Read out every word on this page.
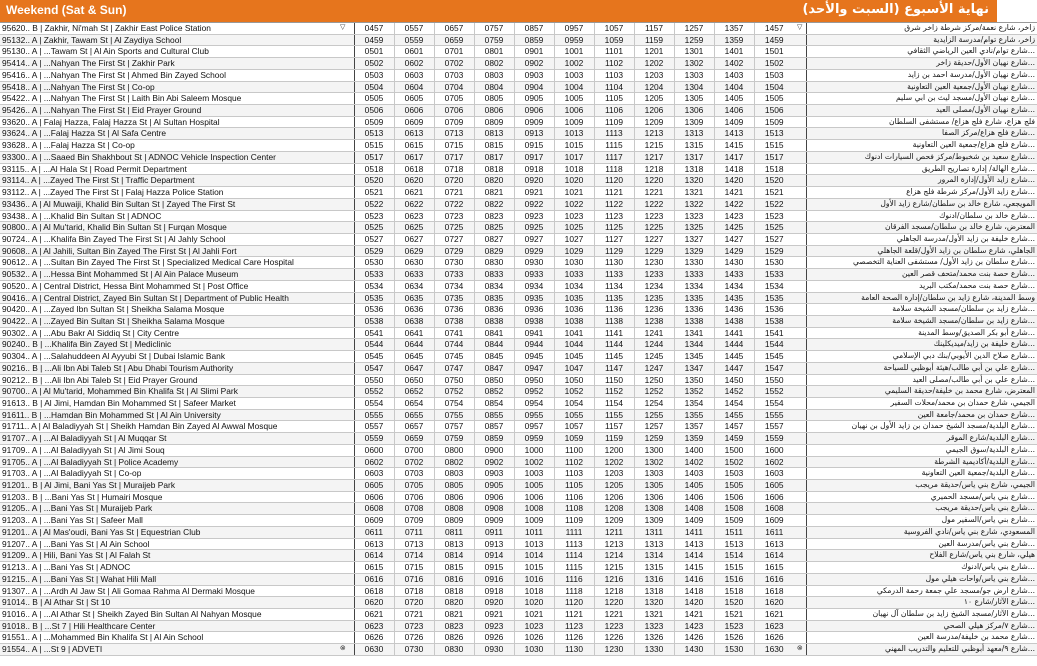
Weekend (Sat & Sun)	نهاية الأسبوع (السبت والأحد)
95620.. B | Zakhir, Ni'mah St | Zakhir East Police Station	▽	0457	0557	0657	0757	0857	0957	1057	1157	1257	1357	1457	▽	زاخر، شارع نعمة/مركز شرطة زاخر شرق
95132.. A | Zakhir, Tawam St | Al Zaydiya School		0459	0559	0659	0759	0859	0959	1059	1159	1259	1359	1459		زاخر، شارع توام/مدرسة الزايدية
95130.. A | ...Tawam St | Al Ain Sports and Cultural Club		0501	0601	0701	0801	0901	1001	1101	1201	1301	1401	1501		...شارع توام/نادي العين الرياضي الثقافي
95414.. A | ...Nahyan The First St | Zakhir Park		0502	0602	0702	0802	0902	1002	1102	1202	1302	1402	1502		...شارع نهيان الأول/حديقة زاخر
95416.. A | ...Nahyan The First St | Ahmed Bin Zayed School		0503	0603	0703	0803	0903	1003	1103	1203	1303	1403	1503		...شارع نهيان الأول/مدرسة احمد بن زايد
95418.. A | ...Nahyan The First St | Co-op		0504	0604	0704	0804	0904	1004	1104	1204	1304	1404	1504		...شارع نهيان الأول/جمعية العين التعاونية
95422.. A | ...Nahyan The First St | Laith Bin Abi Saleem Mosque		0505	0605	0705	0805	0905	1005	1105	1205	1305	1405	1505		...شارع نهيان الأول/مسجد ليث بن ابي سليم
95426.. A | ...Nahyan The First St | Eid Prayer Ground		0506	0606	0706	0806	0906	1006	1106	1206	1306	1406	1506		...شارع نهيان الأول/مصلى العيد
93620.. A | Falaj Hazza, Falaj Hazza St | Al Sultan Hospital		0509	0609	0709	0809	0909	1009	1109	1209	1309	1409	1509		فلج هزاع، شارع فلج هزاع/ مستشفى السلطان
93624.. A | ...Falaj Hazza St | Al Safa Centre		0513	0613	0713	0813	0913	1013	1113	1213	1313	1413	1513		...شارع فلج هزاع/مركز الصفا
93628.. A | ...Falaj Hazza St | Co-op		0515	0615	0715	0815	0915	1015	1115	1215	1315	1415	1515		...شارع فلج هزاع/جمعية العين التعاونية
93300.. A | ...Saaed Bin Shakhbout St | ADNOC Vehicle Inspection Center		0517	0617	0717	0817	0917	1017	1117	1217	1317	1417	1517		...شارع سعيد بن شخبوط/مركز فحص السيارات ادنوك
93115.. A | ...Al Hala St | Road Permit Department		0518	0618	0718	0818	0918	1018	1118	1218	1318	1418	1518		...شارع الهالة/ إدارة تصاريح الطريق
93114.. A | ...Zayed The First St | Traffic Department		0520	0620	0720	0820	0920	1020	1120	1220	1320	1420	1520		...شارع زايد الأول/إدارة المرور
93112.. A | ...Zayed The First St | Falaj Hazza Police Station		0521	0621	0721	0821	0921	1021	1121	1221	1321	1421	1521		...شارع زايد الأول/مركز شرطة فلج هزاع
93436.. A | Al Muwaiji, Khalid Bin Sultan St | Zayed The First St		0522	0622	0722	0822	0922	1022	1122	1222	1322	1422	1522		المويجعي، شارع خالد بن سلطان/شارع زايد الأول
93438.. A | ...Khalid Bin Sultan St | ADNOC		0523	0623	0723	0823	0923	1023	1123	1223	1323	1423	1523		...شارع خالد بن سلطان/ادنوك
90800.. A | Al Mu'tarid, Khalid Bin Sultan St | Furqan Mosque		0525	0625	0725	0825	0925	1025	1125	1225	1325	1425	1525		المعترض، شارع خالد بن سلطان/مسجد الفرقان
90724.. A | ...Khalifa Bin Zayed The First St | Al Jahly School		0527	0627	0727	0827	0927	1027	1127	1227	1327	1427	1527		...شارع خليفة بن زايد الأول/مدرسة الجاهلي
90608.. A | Al Jahili, Sultan Bin Zayed The First St | Al Jahli Fort		0529	0629	0729	0829	0929	1029	1129	1229	1329	1429	1529		الجاهلي، شارع سلطان بن زايد الأول/قلعة الجاهلي
90612.. A | ...Sultan Bin Zayed The First St | Specialized Medical Care Hospital		0530	0630	0730	0830	0930	1030	1130	1230	1330	1430	1530		...شارع سلطان بن زايد الأول/ مستشفى العناية التخصصي
90532.. A | ...Hessa Bint Mohammed St | Al Ain Palace Museum		0533	0633	0733	0833	0933	1033	1133	1233	1333	1433	1533		...شارع حصة بنت محمد/متحف قصر العين
90520.. A | Central District, Hessa Bint Mohammed St | Post Office		0534	0634	0734	0834	0934	1034	1134	1234	1334	1434	1534		...شارع حصة بنت محمد/مكتب البريد
90416.. A | Central District, Zayed Bin Sultan St | Department of Public Health		0535	0635	0735	0835	0935	1035	1135	1235	1335	1435	1535		وسط المدينة، شارع زايد بن سلطان/إدارة الصحة العامة
90420.. A | ...Zayed Ibn Sultan St | Sheikha Salama Mosque		0536	0636	0736	0836	0936	1036	1136	1236	1336	1436	1536		...شارع زايد بن سلطان/مسجد الشيخة سلامة
90422.. A | ...Zayed Bin Sultan St | Sheikha Salama Mosque		0538	0638	0738	0838	0938	1038	1138	1238	1338	1438	1538		...شارع زايد بن سلطان/مسجد الشيخة سلامة
90302.. A | ...Abu Bakr Al Siddiq St | City Centre		0541	0641	0741	0841	0941	1041	1141	1241	1341	1441	1541		...شارع أبو بكر الصديق/وسط المدينة
90240.. B | ...Khalifa Bin Zayed St | Mediclinic		0544	0644	0744	0844	0944	1044	1144	1244	1344	1444	1544		...شارع خليفة بن زايد/ميديكلينك
90304.. A | ...Salahuddeen Al Ayyubi St | Dubai Islamic Bank		0545	0645	0745	0845	0945	1045	1145	1245	1345	1445	1545		...شارع صلاح الدين الأيوبي/بنك دبي الإسلامي
90216.. B | ...Ali Ibn Abi Taleb St | Abu Dhabi Tourism Authority		0547	0647	0747	0847	0947	1047	1147	1247	1347	1447	1547		...شارع علي بن أبي طالب/هيئة أبوظبي للسياحة
90212.. B | ...Ali Ibn Abi Taleb St | Eid Prayer Ground		0550	0650	0750	0850	0950	1050	1150	1250	1350	1450	1550		...شارع علي بن أبي طالب/مصلى العيد
90700.. A | Al Mu'tarid, Mohammed Bin Khalifa St | Al Slimi Park		0552	0652	0752	0852	0952	1052	1152	1252	1352	1452	1552		المعترض، شارع محمد بن خليفة/حديقة السليمي
91613.. B | Al Jimi, Hamdan Bin Mohammed St | Safeer Market		0554	0654	0754	0854	0954	1054	1154	1254	1354	1454	1554		الجيمي، شارع حمدان بن محمد/محلات السفير
91611.. B | ...Hamdan Bin Mohammed St | Al Ain University		0555	0655	0755	0855	0955	1055	1155	1255	1355	1455	1555		...شارع حمدان بن محمد/جامعة العين
91711.. A | Al Baladiyyah St | Sheikh Hamdan Bin Zayed Al Awwal Mosque		0557	0657	0757	0857	0957	1057	1157	1257	1357	1457	1557		...شارع البلدية/مسجد الشيخ حمدان بن زايد الأول بن نهيان
91707.. A | ...Al Baladiyyah St | Al Muqqar St		0559	0659	0759	0859	0959	1059	1159	1259	1359	1459	1559		...شارع البلدية/شارع الموقر
91709.. A | ...Al Baladiyyah St | Al Jimi Souq		0600	0700	0800	0900	1000	1100	1200	1300	1400	1500	1600		...شارع البلدية/سوق الجيمي
91705.. A | ...Al Baladiyyah St | Police Academy		0602	0702	0802	0902	1002	1102	1202	1302	1402	1502	1602		...شارع البلدية/أكاديمية الشرطة
91703.. A | ...Al Baladiyyah St | Co-op		0603	0703	0803	0903	1003	1103	1203	1303	1403	1503	1603		...شارع البلدية/جمعية العين التعاونية
91201.. B | Al Jimi, Bani Yas St | Muraijeb Park		0605	0705	0805	0905	1005	1105	1205	1305	1405	1505	1605		الجيمي، شارع بني ياس/حديقة مريجب
91203.. B | ...Bani Yas St | Humairi Mosque		0606	0706	0806	0906	1006	1106	1206	1306	1406	1506	1606		...شارع بني ياس/مسجد الحميري
91205.. A | ...Bani Yas St | Muraijeb Park		0608	0708	0808	0908	1008	1108	1208	1308	1408	1508	1608		...شارع بني ياس/حديقة مريجب
91203.. A | ...Bani Yas St | Safeer Mall		0609	0709	0809	0909	1009	1109	1209	1309	1409	1509	1609		...شارع بني ياس/السفير مول
91201.. A | Al Mas'oudi, Bani Yas St | Equestrian Club		0611	0711	0811	0911	1011	1111	1211	1311	1411	1511	1611		المسعودي، شارع بني ياس/نادي الفروسية
91207.. A | ...Bani Yas St | Al Ain School		0613	0713	0813	0913	1013	1113	1213	1313	1413	1513	1613		...شارع بني ياس/مدرسة العين
91209.. A | Hili, Bani Yas St | Al Falah St		0614	0714	0814	0914	1014	1114	1214	1314	1414	1514	1614		هيلي، شارع بني ياس/شارع الفلاح
91213.. A | ...Bani Yas St | ADNOC		0615	0715	0815	0915	1015	1115	1215	1315	1415	1515	1615		...شارع بني ياس/ادنوك
91215.. A | ...Bani Yas St | Wahat Hili Mall		0616	0716	0816	0916	1016	1116	1216	1316	1416	1516	1616		...شارع بني ياس/واحات هيلي مول
91307.. A | ...Ardh Al Jaw St | Ali Gomaa Rahma Al Dermaki Mosque		0618	0718	0818	0918	1018	1118	1218	1318	1418	1518	1618		...شارع ارض جو/مسجد علي جمعة رحمة الدرمكي
91014.. B | Al Athar St | St 10		0620	0720	0820	0920	1020	1120	1220	1320	1420	1520	1620		...شارع الآثار/شارع ١٠
91016.. A | ...Al Athar St | Sheikh Zayed Bin Sultan Al Nahyan Mosque		0621	0721	0821	0921	1021	1121	1221	1321	1421	1521	1621		...شارع الآثار/مسجد الشيخ زايد بن سلطان آل نهيان
91018.. B | ...St 7 | Hili Healthcare Center		0623	0723	0823	0923	1023	1123	1223	1323	1423	1523	1623		...شارع ٧/مركز هيلي الصحي
91551.. A | ...Mohammed Bin Khalifa St | Al Ain School		0626	0726	0826	0926	1026	1126	1226	1326	1426	1526	1626		...شارع محمد بن خليفة/مدرسة العين
91554.. A | ...St 9 | ADVETI	⊗	0630	0730	0830	0930	1030	1130	1230	1330	1430	1530	1630	⊗	...شارع ٩/معهد أبوظبي للتعليم والتدريب المهني
